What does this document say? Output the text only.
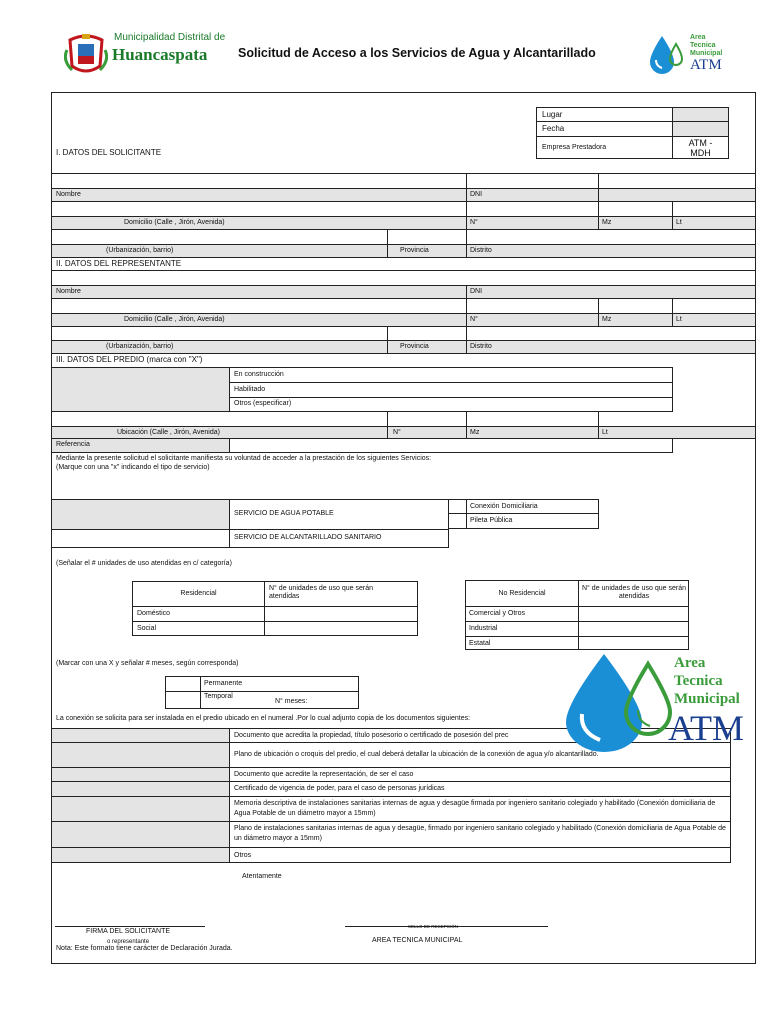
Municipalidad Distrital de
Huancaspata Solicitud de Acceso a los Servicios de Agua y Alcantarillado
Area
Tecnica
Municipal
ATM
Lugar
Fecha
Empresa Prestadora	ATM -
MDH
I. DATOS DEL SOLICITANTE
Nombre	DNI
Domicilio (Calle , Jirón, Avenida)	N°	Mz	Lt
(Urbanización, barrio)	Provincia	Distrito
II. DATOS DEL REPRESENTANTE
Nombre	DNI
Domicilio (Calle , Jirón, Avenida)	N°	Mz	Lt
(Urbanización, barrio)	Provincia	Distrito
III. DATOS DEL PREDIO (marca con "X")
En construcción
Habilitado
Otros (especificar)
Ubicación (Calle , Jirón, Avenida)	N°	Mz	Lt
Referencia
Mediante la presente solicitud el solicitante manifiesta su voluntad de acceder a la prestación de los siguientes Servicios:
(Marque con una "x" indicando el tipo de servicio)
SERVICIO DE AGUA POTABLE
SERVICIO DE ALCANTARILLADO SANITARIO
Conexión Domiciliaria
Pileta Pública
(Señalar el # unidades de uso atendidas en c/ categoría)
Residencial
N° de unidades de uso que serán atendidas
Doméstico
Social
No Residencial
N° de unidades de uso que serán atendidas
Comercial y Otros
Industrial
Estatal
(Marcar con una X y señalar # meses, según corresponda)
Permanente
Temporal
N° meses:
La conexión se solicita para ser instalada en el predio ubicado en el numeral .Por lo cual adjunto copia de los documentos siguientes:
Documento que acredita la propiedad, título posesorio o certificado de posesión del prec
Plano de ubicación o croquis del predio, el cual deberá detallar la ubicación de la conexión de agua y/o alcantarillado.
Documento que acredite la representación, de ser el caso
Certificado de vigencia de poder, para el caso de personas jurídicas
Memoria descriptiva de instalaciones sanitarias internas de agua y desagüe firmada por ingeniero sanitario colegiado y habilitado (Conexión domiciliaria de Agua Potable de un diámetro mayor a 15mm)
Plano de instalaciones sanitarias internas de agua y desagüe, firmado por ingeniero sanitario colegiado y habilitado (Conexión domiciliaria de Agua Potable de un diámetro mayor a 15mm)
Otros
Atentamente
FIRMA DEL SOLICITANTE
o representante
Nota: Este formato tiene carácter de Declaración Jurada.
SELLO DE RECEPCIÓN
AREA TECNICA MUNICIPAL
Area
Tecnica
Municipal
ATM
